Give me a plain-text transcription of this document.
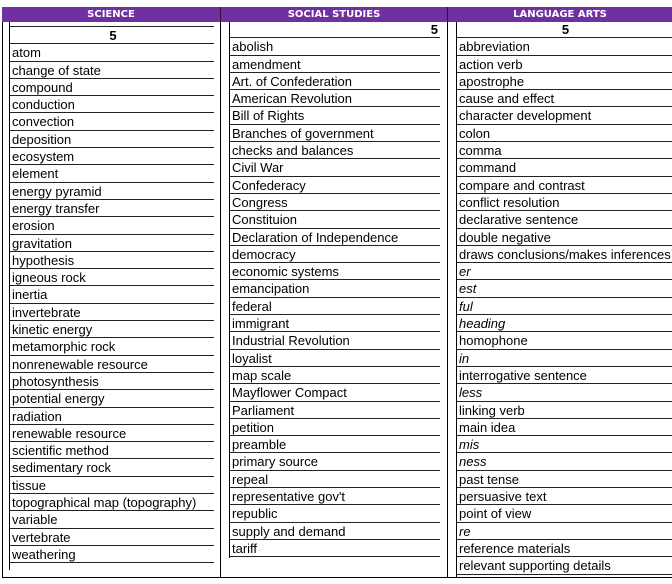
SCIENCE	SOCIAL STUDIES	LANGUAGE ARTS
5
atom
change of state
compound
conduction
convection
deposition
ecosystem
element
energy pyramid
energy transfer
erosion
gravitation
hypothesis
igneous rock
inertia
invertebrate
kinetic energy
metamorphic rock
nonrenewable resource
photosynthesis
potential energy
radiation
renewable resource
scientific method
sedimentary rock
tissue
topographical map (topography)
variable
vertebrate
weathering
5
abolish
amendment
Art. of Confederation
American Revolution
Bill of Rights
Branches of government
checks and balances
Civil War
Confederacy
Congress
Constituion
Declaration of Independence
democracy
economic systems
emancipation
federal
immigrant
Industrial Revolution
loyalist
map scale
Mayflower Compact
Parliament
petition
preamble
primary source
repeal
representative gov't
republic
supply and demand
tariff
5
abbreviation
action verb
apostrophe
cause and effect
character development
colon
comma
command
compare and contrast
conflict resolution
declarative sentence
double negative
draws conclusions/makes inferences
er
est
ful
heading
homophone
in
interrogative sentence
less
linking verb
main idea
mis
ness
past tense
persuasive text
point of view
re
reference materials
relevant supporting details
